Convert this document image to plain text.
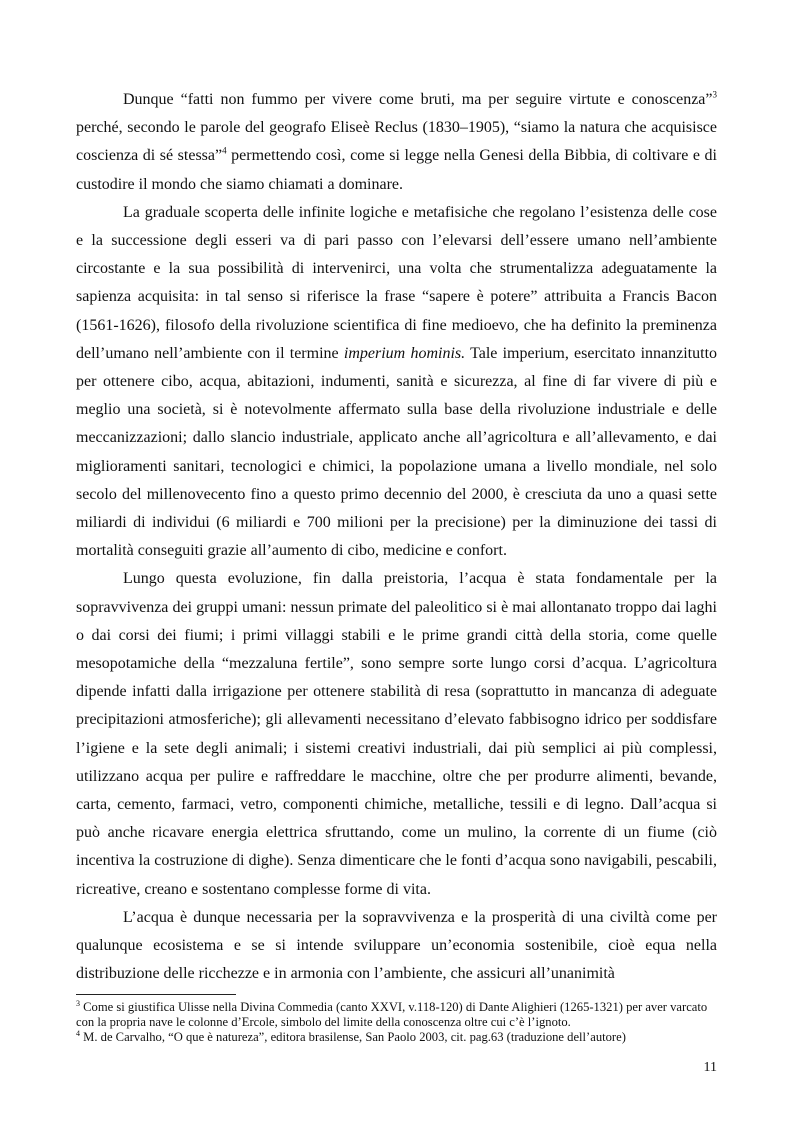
Dunque “fatti non fummo per vivere come bruti, ma per seguire virtute e conoscenza”$^3$ perché, secondo le parole del geografo Eliseè Reclus (1830–1905), “siamo la natura che acquisisce coscienza di sé stessa”$^4$ permettendo così, come si legge nella Genesi della Bibbia, di coltivare e di custodire il mondo che siamo chiamati a dominare.

La graduale scoperta delle infinite logiche e metafisiche che regolano l’esistenza delle cose e la successione degli esseri va di pari passo con l’elevarsi dell’essere umano nell’ambiente circostante e la sua possibilità di intervenirci, una volta che strumentalizza adeguatamente la sapienza acquisita: in tal senso si riferisce la frase “sapere è potere” attribuita a Francis Bacon (1561-1626), filosofo della rivoluzione scientifica di fine medioevo, che ha definito la preminenza dell’umano nell’ambiente con il termine imperium hominis. Tale imperium, esercitato innanzitutto per ottenere cibo, acqua, abitazioni, indumenti, sanità e sicurezza, al fine di far vivere di più e meglio una società, si è notevolmente affermato sulla base della rivoluzione industriale e delle meccanizzazioni; dallo slancio industriale, applicato anche all’agricoltura e all’allevamento, e dai miglioramenti sanitari, tecnologici e chimici, la popolazione umana a livello mondiale, nel solo secolo del millenovecento fino a questo primo decennio del 2000, è cresciuta da uno a quasi sette miliardi di individui (6 miliardi e 700 milioni per la precisione) per la diminuzione dei tassi di mortalità conseguiti grazie all’aumento di cibo, medicine e confort.

Lungo questa evoluzione, fin dalla preistoria, l’acqua è stata fondamentale per la sopravvivenza dei gruppi umani: nessun primate del paleolitico si è mai allontanato troppo dai laghi o dai corsi dei fiumi; i primi villaggi stabili e le prime grandi città della storia, come quelle mesopotamiche della “mezzaluna fertile”, sono sempre sorte lungo corsi d’acqua. L’agricoltura dipende infatti dalla irrigazione per ottenere stabilità di resa (soprattutto in mancanza di adeguate precipitazioni atmosferiche); gli allevamenti necessitano d’elevato fabbisogno idrico per soddisfare l’igiene e la sete degli animali; i sistemi creativi industriali, dai più semplici ai più complessi, utilizzano acqua per pulire e raffreddare le macchine, oltre che per produrre alimenti, bevande, carta, cemento, farmaci, vetro, componenti chimiche, metalliche, tessili e di legno. Dall’acqua si può anche ricavare energia elettrica sfruttando, come un mulino, la corrente di un fiume (ciò incentiva la costruzione di dighe). Senza dimenticare che le fonti d’acqua sono navigabili, pescabili, ricreative, creano e sostentano complesse forme di vita.

L’acqua è dunque necessaria per la sopravvivenza e la prosperità di una civiltà come per qualunque ecosistema e se si intende sviluppare un’economia sostenibile, cioè equa nella distribuzione delle ricchezze e in armonia con l’ambiente, che assicuri all’unanimità

$^3$ Come si giustifica Ulisse nella Divina Commedia (canto XXVI, v.118-120) di Dante Alighieri (1265-1321) per aver varcato con la propria nave le colonne d’Ercole, simbolo del limite della conoscenza oltre cui c’è l’ignoto.

$^4$ M. de Carvalho, “O que è natureza”, editora brasilense, San Paolo 2003, cit. pag.63 (traduzione dell’autore)

11
